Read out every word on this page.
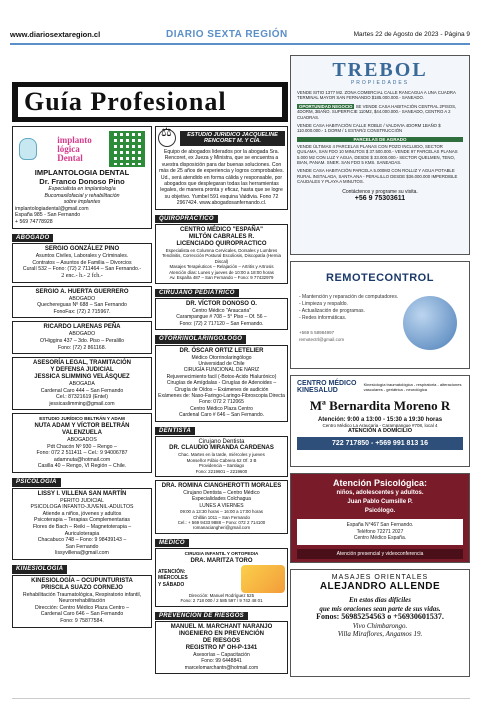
www.diariosextaregion.cl	DIARIO SEXTA REGIÓN	Martes 22 de Agosto de 2023 - Página 9
Guía Profesional
implanto
lógica
Dental
IMPLANTOLOGIA DENTAL
Dr. Franco Donoso Pino
Especialista en implantología
Bucomaxilofacial y rehabilitación
sobre implantes
implantologiadental@gmail.com
España 985 - San Fernando
+ 569 74778928
ABOGADO
SERGIO GONZÁLEZ PINO
Asuntos Civiles, Laborales y Criminales.
Contratos – Asuntos de Familia – Divorcios
Curalí 532 – Fono: (72) 2 711464 – San Fernando.-
2 enc.- h.- 2 fch.-
SERGIO A. HUERTA GUERRERO
ABOGADO
Quechereguas Nº 688 – San Fernando
FonoFax: (72) 2 715967.
RICARDO LARENAS PEÑA
ABOGADO
O'Higgins 437 – 3do. Piso – Peralillo
Fono: (72) 2 861168.
ASESORÍA LEGAL, TRAMITACIÓN
Y DEFENSA JUDICIAL
JESSICA SLIMMING VELÁSQUEZ
ABOGADA
Cardenal Caro 444 – San Fernando
Cel.: 87321619 (Entel)
jessicaslimming@gmail.com
ESTUDIO JURÍDICO BELTRÁN Y ADAM
NUTA ADAM Y VÍCTOR BELTRÁN
VALENZUELA
ABOGADOS
Pdt Chacón Nº 930 – Rengo –
Fono: 072 2 511411 – Cel.: 9 94006787
adamnuta@hotmail.com
Casilla 40 – Rengo, VI Región – Chile.
PSICOLOGÍA
LISSY I. VILLENA SAN MARTÍN
PERITO JUDICIAL
PSICOLOGA INFANTO-JUVENIL-ADULTOS
Atiende a niños, jóvenes y adultos
Psicoterapia – Terapias Complementarias
Flores de Bach – Reiki – Magnetoterapia –
Auriculoterapia
Chacabuco 748 – Fono: 9 98439143 –
San Fernando
lissyvillena@gmail.com
KINESIOLOGÍA
KINESIOLOGÍA – OCUPUNTURISTA
PRISCILA SUAZO CORNEJO
Rehabilitación Traumatológica, Respiratorio infantil,
Neurorrehabilitación
Dirección: Centro Médico Plaza Centro –
Cardenal Caro 646 – San Fernando
Fono: 9 75877584.
⚖
ESTUDIO JURIDICO JACQUELINE
RENCORET M. Y CÍA.
Equipo de abogados liderados por la abogada Sra. Rencoret, ex Jueza y Ministra, que se encuentra a vuestra disposición para dar buenas soluciones. Con más de 25 años de experiencia y logros comprobables. Ud., será atendido en forma cálida y responsable, por abogados que desplegaran todas las herramientas legales, de manera pronta y eficaz, hasta que se logre su objetivo. Yumbel 591 esquina Valdivia. Fono 72 2967424. www.abogadosanfernando.cl.
QUIROPRÁCTICO
CENTRO MÉDICO "ESPAÑA"
MILTÓN CABRALES R.
LICENCIADO QUIROPRACTICO
Especialista en Columna Cervicales, Dorsales y Lumbres
Tendinitis, Corrección Postural Escoliosis, Discopatía (Hernia Discal)
Masajes Terapéuticos – Relajación – Artritis y Artrosis
Atención días: Lunes y jueves de 10:00 a 18:00 horas
Av. España 487 – San Fernando – Fono: 9 77432979
CIRUJANO PEDIÁTRICO
DR. VÍCTOR DONOSO O.
Centro Médico "Araucaria"
Carampangue # 708 – 5° Piso – Of. 56 –
Fono: (72) 2 717120 – San Fernando.
OTORRINOLARINGÓLOGO
DR. ÓSCAR ORTIZ LETELIER
Médico Otorrinolaringólogo
Universidad de Chile
CIRUGÍA FUNCIONAL DE NARIZ
Rejuvenecimiento facil (-Botox-Acido Hialurónico)
Cirugías de Amígdalas - Cirugías de Adenoides –
Cirugía de Oídos – Exámenes de audición
Exámenes de: Naso-Faringo-Laringo-Fibroscopia Directa
Fono: 072 2 712065
Centro Médico Plaza Centro
Cardenal Caro # 646 – San Fernando.
DENTISTA
Cirujano Dentista
DR. CLAUDIO MIRANDA CARDENAS
Chac. Martes en la tarde, miércoles y jueves
Monseñor Fábio Cabrera 62 Of. 3 B
Providencia – Santiago
Fono: 2219601 – 2219600
DRA. ROMINA CIANGHEROTTI MORALES
Cirujano Dentista – Centro Médico
Especialidades Colchagua
LUNES A VIERNES
09:00 a 13:30 horas – 16:00 a 17:00 horas
Chillán 1011 – San Fernando
Cel.: + 569 9433 9888 – Fono: 072 2 714100
romanaciangheri@gmail.com
MÉDICO
CIRUGIA INFANTIL Y ORTOPEDIA
DRA. MARITZA TORO
ATENCIÓN:
MIÉRCOLES
Y SÁBADO
Dirección: Manuel Rodríguez 525
Fono: 2 718 000 / 2 585 597 / 9 742 48 01
PREVENCIÓN DE RIESGOS
MANUEL M. MARCHANT NARANJO
INGENIERO EN PREVENCIÓN
DE RIESGOS
REGISTRO Nº OH-P-1341
Asesorías – Capacitación
Fono: 99 6448841
marcelomarchantn@hotmail.com
TREBOL
PROPIEDADES

VENDE SITIO 1377 M2. ZONA COMERCIAL CALLE RANCAGUA A UNA CUADRA TERMINAL MAYOR SAN FERNANDO $185.000.000.- SANEADO.

OPORTUNIDAD NEGOCIO SE VENDE CASA HABITACIÓN CENTRAL 2PISOS, 4DORM, 3BAÑO. SUPERFICIE 110M2, $44.000.000.- SANEADO, CENTRO A 2 CUADRAS.

VENDE CASA HABITACIÓN CALLE ROBLE / VALDIVIA 4DORM 1BAÑO $ 110.000.000.- 1 DORM / 1 ESTAR/2 CONSTRUCCIÓN

PARCELAS DE AGRADO

VENDE ÚLTIMAS 4 PARCELAS PLANAS CON POZO INCLUIDO, SECTOR QUILAMA, SAN FDO 10 MINUTOS $ 37.500.000.- VENDE 97 PARCELAS PLANAS 5.000 M2 CON LUZ Y AGUA, DESDE $ 33.000.000.- SECTOR QUELMEN, TENO, BIAN, PANAM. SNER. SAN FDO 5 KMS. SANEADAS.

VENDE CASA HABITACIÓN PARCELA 5.000M2 CON ROLLIZ Y AGUA POTABLE RURAL INSTALADA, SANTA ANA - PERALILLO DESDE $36.000.000 IMPERDIBLE CAUDALES Y PLAYA A MINUTOS.

Contáctenos y programe su visita.
+56 9 75303611
REMOTECONTROL
- Mantención y reparación de computadores.
- Limpieza y respaldo.
- Actualización de programas.
- Redes informáticas.
+569 5 58984997
remotectrl@gmail.com
CENTRO MÉDICO KINESALUD
Kinesiología traumatológica - respiratoria - alteraciones vasculares - geriátrica - neurológica
Mª Bernardita Moreno R
Atención: 9:00 a 13:00 - 15:30 a 19:30 horas
Centro Médico La Araucaria - Carampangue #708, local 4
ATENCIÓN A DOMICILIO
722 717850 - +569 991 813 16
Atención Psicológica:
niños, adolescentes y adultos.
Juan Pablo Cumsille P.
Psicólogo.
España N°467 San Fernando.
Teléfono 72271 2027
Centro Médico España.
Atención presencial y videoconferencia
MASAJES ORIENTALES
ALEJANDRO ALLENDE
En estos días difíciles
que mis oraciones sean parte de sus vidas.
Fonos: 56985254563 o +56930601537.
Vivo Chimbarongo.
Villa Miraflores, Angamos 19.
